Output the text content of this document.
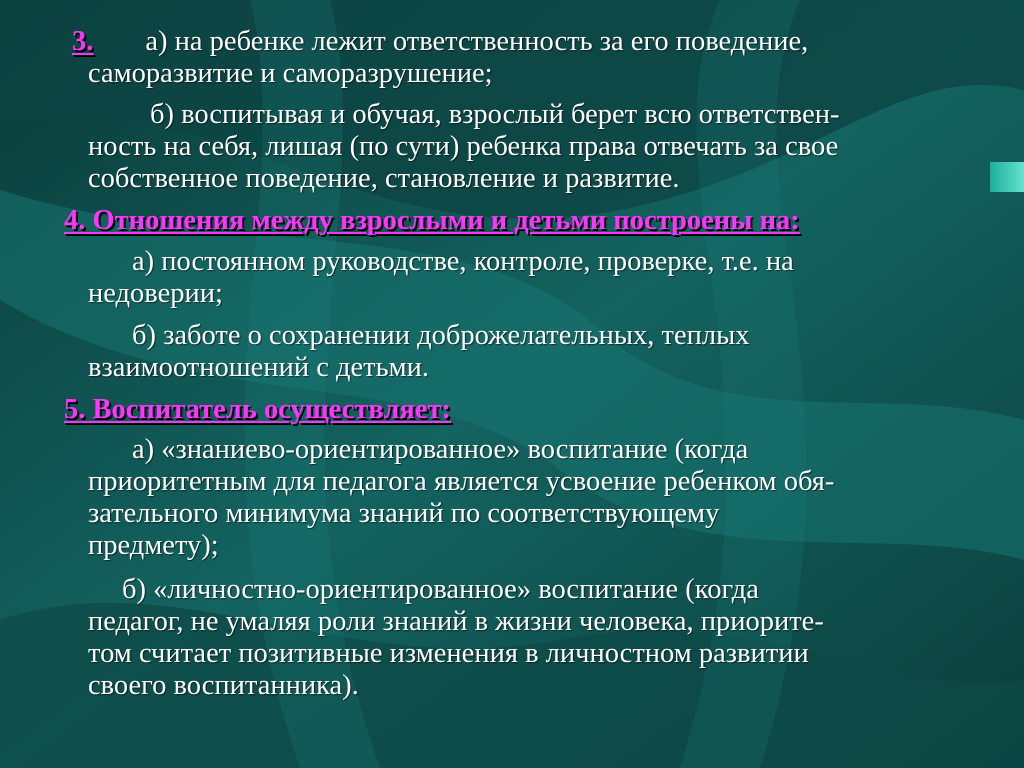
3. а) на ребенке лежит ответственность за его поведение,
саморазвитие и саморазрушение;

б) воспитывая и обучая, взрослый берет всю ответствен-
ность на себя, лишая (по сути) ребенка права отвечать за свое
собственное поведение, становление и развитие.

4. Отношения между взрослыми и детьми построены на:

а) постоянном руководстве, контроле, проверке, т.е. на
недоверии;

б) заботе о сохранении доброжелательных, теплых
взаимоотношений с детьми.

5. Воспитатель осуществляет:

а) «знаниево-ориентированное» воспитание (когда
приоритетным для педагога является усвоение ребенком обя-
зательного минимума знаний по соответствующему
предмету);

б) «личностно-ориентированное» воспитание (когда
педагог, не умаляя роли знаний в жизни человека, приорите-
том считает позитивные изменения в личностном развитии
своего воспитанника).
